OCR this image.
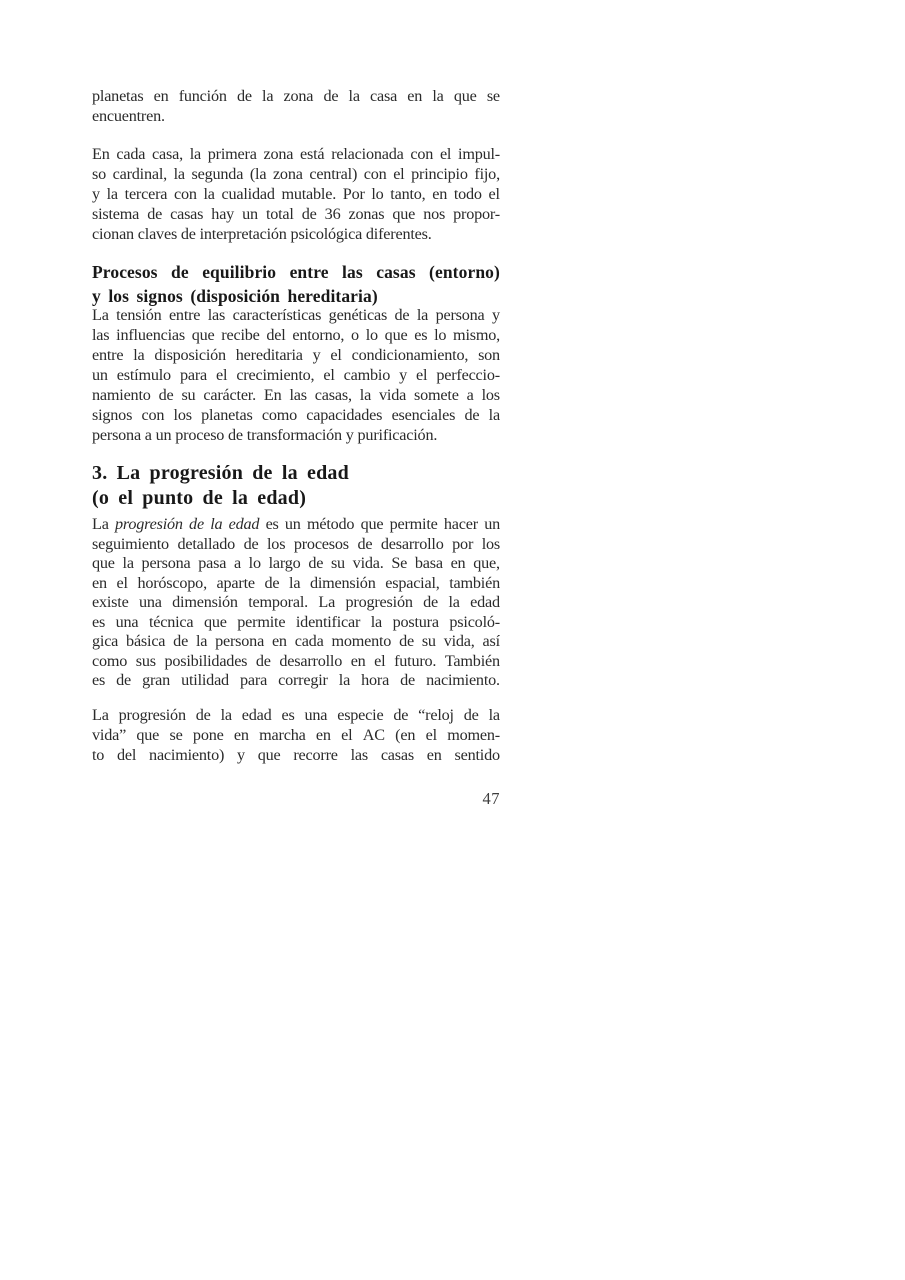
planetas en función de la zona de la casa en la que se
encuentren.
En cada casa, la primera zona está relacionada con el impul-
so cardinal, la segunda (la zona central) con el principio fijo,
y la tercera con la cualidad mutable. Por lo tanto, en todo el
sistema de casas hay un total de 36 zonas que nos propor-
cionan claves de interpretación psicológica diferentes.
Procesos de equilibrio entre las casas (entorno)
y los signos (disposición hereditaria)
La tensión entre las características genéticas de la persona y
las influencias que recibe del entorno, o lo que es lo mismo,
entre la disposición hereditaria y el condicionamiento, son
un estímulo para el crecimiento, el cambio y el perfeccio-
namiento de su carácter. En las casas, la vida somete a los
signos con los planetas como capacidades esenciales de la
persona a un proceso de transformación y purificación.
3. La progresión de la edad
(o el punto de la edad)
La progresión de la edad es un método que permite hacer un
seguimiento detallado de los procesos de desarrollo por los
que la persona pasa a lo largo de su vida. Se basa en que,
en el horóscopo, aparte de la dimensión espacial, también
existe una dimensión temporal. La progresión de la edad
es una técnica que permite identificar la postura psicoló-
gica básica de la persona en cada momento de su vida, así
como sus posibilidades de desarrollo en el futuro. También
es de gran utilidad para corregir la hora de nacimiento.
La progresión de la edad es una especie de “reloj de la
vida” que se pone en marcha en el AC (en el momen-
to del nacimiento) y que recorre las casas en sentido
47
